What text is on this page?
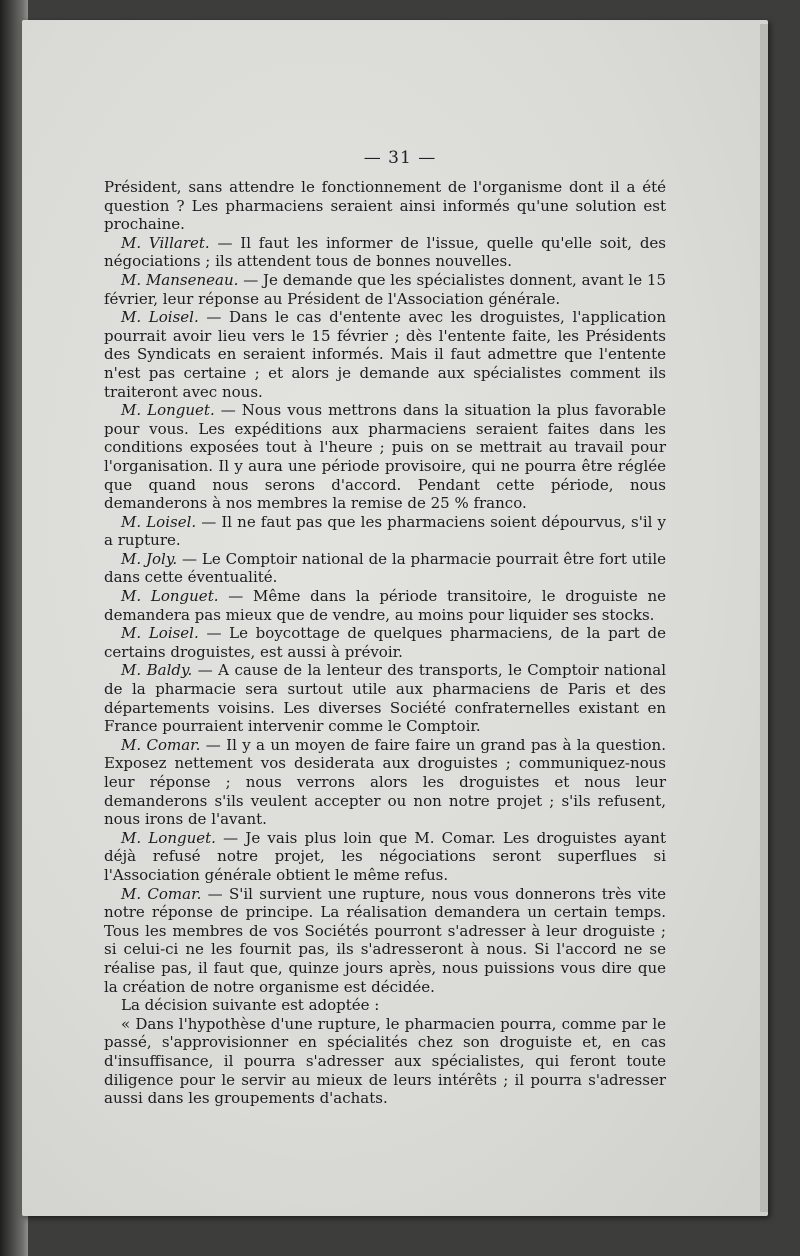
— 31 —

Président, sans attendre le fonctionnement de l'organisme dont il a été question ? Les pharmaciens seraient ainsi informés qu'une solution est prochaine.

M. Villaret. — Il faut les informer de l'issue, quelle qu'elle soit, des négociations ; ils attendent tous de bonnes nouvelles.

M. Manseneau. — Je demande que les spécialistes donnent, avant le 15 février, leur réponse au Président de l'Association générale.

M. Loisel. — Dans le cas d'entente avec les droguistes, l'application pourrait avoir lieu vers le 15 février ; dès l'entente faite, les Présidents des Syndicats en seraient informés. Mais il faut admettre que l'entente n'est pas certaine ; et alors je demande aux spécialistes comment ils traiteront avec nous.

M. Longuet. — Nous vous mettrons dans la situation la plus favorable pour vous. Les expéditions aux pharmaciens seraient faites dans les conditions exposées tout à l'heure ; puis on se mettrait au travail pour l'organisation. Il y aura une période provisoire, qui ne pourra être réglée que quand nous serons d'accord. Pendant cette période, nous demanderons à nos membres la remise de 25 % franco.

M. Loisel. — Il ne faut pas que les pharmaciens soient dépourvus, s'il y a rupture.

M. Joly. — Le Comptoir national de la pharmacie pourrait être fort utile dans cette éventualité.

M. Longuet. — Même dans la période transitoire, le droguiste ne demandera pas mieux que de vendre, au moins pour liquider ses stocks.

M. Loisel. — Le boycottage de quelques pharmaciens, de la part de certains droguistes, est aussi à prévoir.

M. Baldy. — A cause de la lenteur des transports, le Comptoir national de la pharmacie sera surtout utile aux pharmaciens de Paris et des départements voisins. Les diverses Société confraternelles existant en France pourraient intervenir comme le Comptoir.

M. Comar. — Il y a un moyen de faire faire un grand pas à la question. Exposez nettement vos desiderata aux droguistes ; communiquez-nous leur réponse ; nous verrons alors les droguistes et nous leur demanderons s'ils veulent accepter ou non notre projet ; s'ils refusent, nous irons de l'avant.

M. Longuet. — Je vais plus loin que M. Comar. Les droguistes ayant déjà refusé notre projet, les négociations seront superflues si l'Association générale obtient le même refus.

M. Comar. — S'il survient une rupture, nous vous donnerons très vite notre réponse de principe. La réalisation demandera un certain temps. Tous les membres de vos Sociétés pourront s'adresser à leur droguiste ; si celui-ci ne les fournit pas, ils s'adresseront à nous. Si l'accord ne se réalise pas, il faut que, quinze jours après, nous puissions vous dire que la création de notre organisme est décidée.

La décision suivante est adoptée :

« Dans l'hypothèse d'une rupture, le pharmacien pourra, comme par le passé, s'approvisionner en spécialités chez son droguiste et, en cas d'insuffisance, il pourra s'adresser aux spécialistes, qui feront toute diligence pour le servir au mieux de leurs intérêts ; il pourra s'adresser aussi dans les groupements d'achats.
